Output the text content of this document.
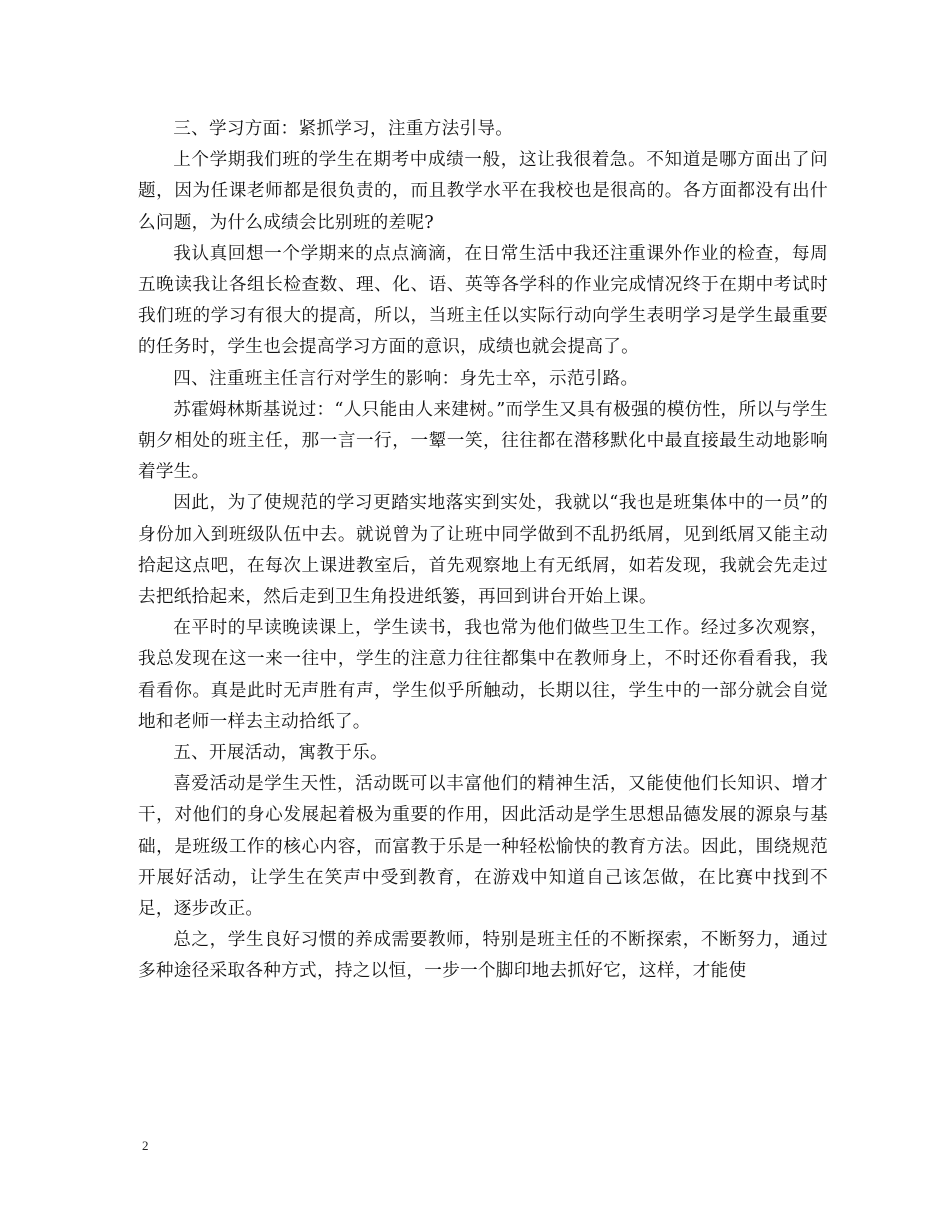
三、学习方面：紧抓学习，注重方法引导。

上个学期我们班的学生在期考中成绩一般，这让我很着急。不知道是哪方面出了问题，因为任课老师都是很负责的，而且教学水平在我校也是很高的。各方面都没有出什么问题，为什么成绩会比别班的差呢?

我认真回想一个学期来的点点滴滴，在日常生活中我还注重课外作业的检查，每周五晚读我让各组长检查数、理、化、语、英等各学科的作业完成情况终于在期中考试时我们班的学习有很大的提高，所以，当班主任以实际行动向学生表明学习是学生最重要的任务时，学生也会提高学习方面的意识，成绩也就会提高了。

四、注重班主任言行对学生的影响：身先士卒，示范引路。

苏霍姆林斯基说过：“人只能由人来建树。”而学生又具有极强的模仿性，所以与学生朝夕相处的班主任，那一言一行，一颦一笑，往往都在潜移默化中最直接最生动地影响着学生。

因此，为了使规范的学习更踏实地落实到实处，我就以“我也是班集体中的一员”的身份加入到班级队伍中去。就说曾为了让班中同学做到不乱扔纸屑，见到纸屑又能主动拾起这点吧，在每次上课进教室后，首先观察地上有无纸屑，如若发现，我就会先走过去把纸拾起来，然后走到卫生角投进纸篓，再回到讲台开始上课。

在平时的早读晚读课上，学生读书，我也常为他们做些卫生工作。经过多次观察，我总发现在这一来一往中，学生的注意力往往都集中在教师身上，不时还你看看我，我看看你。真是此时无声胜有声，学生似乎所触动，长期以往，学生中的一部分就会自觉地和老师一样去主动拾纸了。

五、开展活动，寓教于乐。

喜爱活动是学生天性，活动既可以丰富他们的精神生活，又能使他们长知识、增才干，对他们的身心发展起着极为重要的作用，因此活动是学生思想品德发展的源泉与基础，是班级工作的核心内容，而富教于乐是一种轻松愉快的教育方法。因此，围绕规范开展好活动，让学生在笑声中受到教育，在游戏中知道自己该怎做，在比赛中找到不足，逐步改正。

总之，学生良好习惯的养成需要教师，特别是班主任的不断探索，不断努力，通过多种途径采取各种方式，持之以恒，一步一个脚印地去抓好它，这样，才能使

2
